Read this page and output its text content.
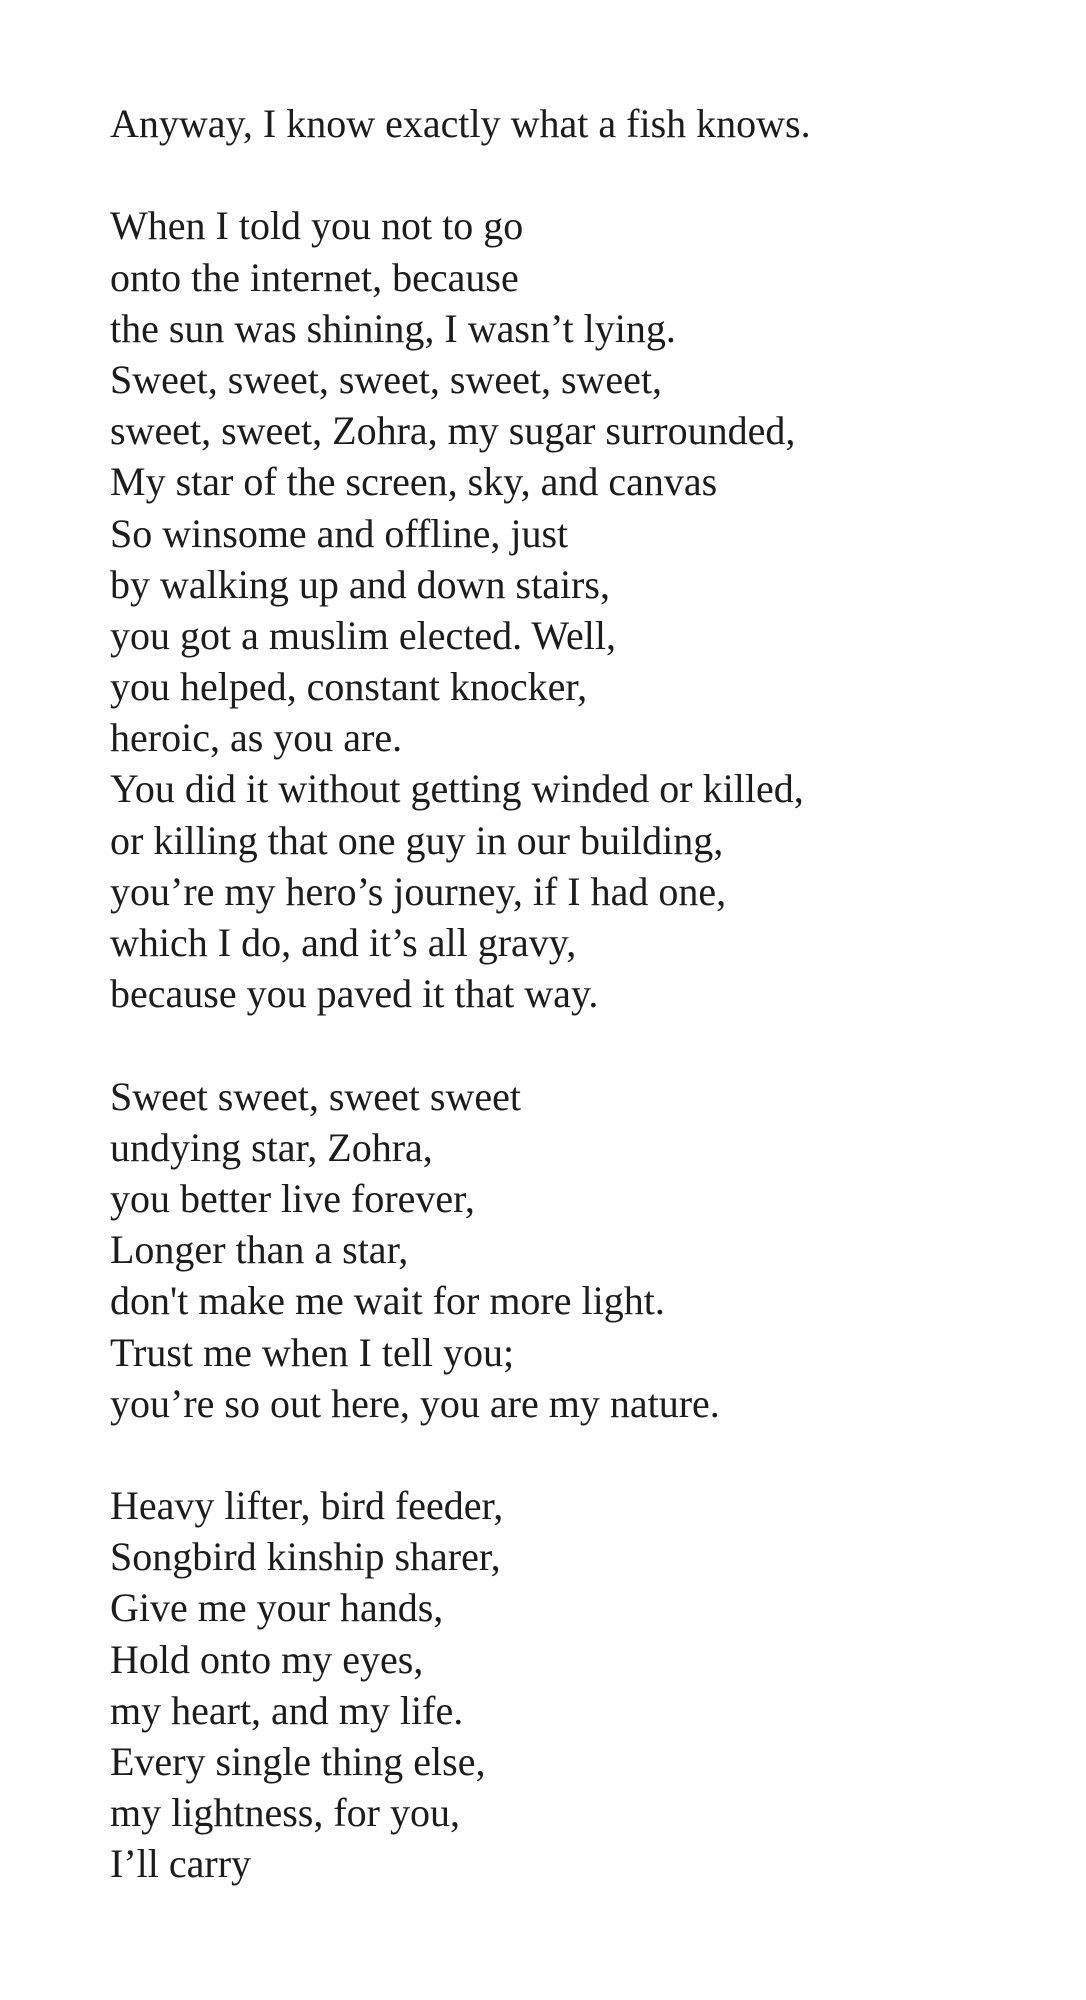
Anyway, I know exactly what a fish knows.
When I told you not to go
onto the internet, because
the sun was shining, I wasn’t lying.
Sweet, sweet, sweet, sweet, sweet,
sweet, sweet, Zohra, my sugar surrounded,
My star of the screen, sky, and canvas
So winsome and offline, just
by walking up and down stairs,
you got a muslim elected. Well,
you helped, constant knocker,
heroic, as you are.
You did it without getting winded or killed,
or killing that one guy in our building,
you’re my hero’s journey, if I had one,
which I do, and it’s all gravy,
because you paved it that way.
Sweet sweet, sweet sweet
undying star, Zohra,
you better live forever,
Longer than a star,
don't make me wait for more light.
Trust me when I tell you;
you’re so out here, you are my nature.
Heavy lifter, bird feeder,
Songbird kinship sharer,
Give me your hands,
Hold onto my eyes,
my heart, and my life.
Every single thing else,
my lightness, for you,
I’ll carry
